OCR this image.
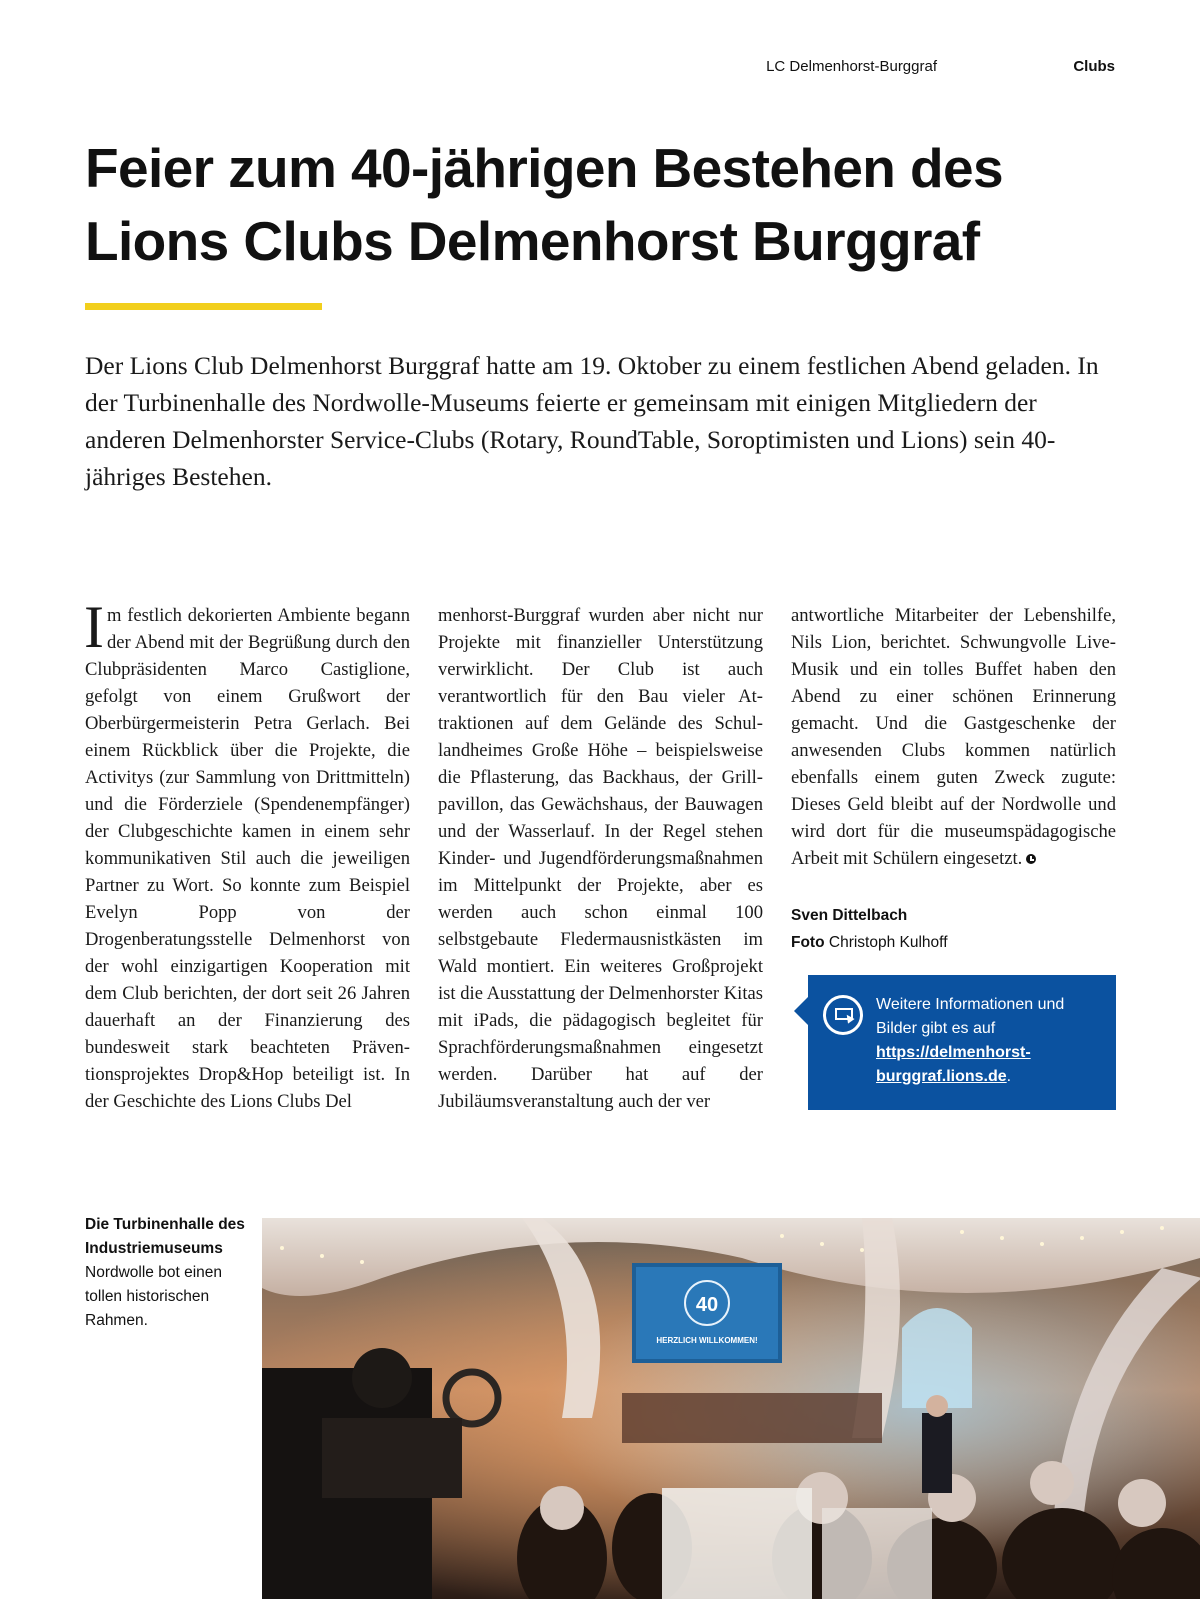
LC Delmenhorst-Burggraf	Clubs
Feier zum 40-jährigen Bestehen des Lions Clubs Delmenhorst Burggraf

Der Lions Club Delmenhorst Burggraf hatte am 19. Oktober zu einem festlichen Abend geladen. In der Turbinenhalle des Nordwolle-Museums feierte er gemeinsam mit einigen Mitgliedern der anderen Delmenhorster Service-Clubs (Rotary, RoundTable, Soroptimisten und Lions) sein 40-jähriges Bestehen.

Im festlich dekorierten Ambiente begann der Abend mit der Begrüßung durch den Clubpräsidenten Marco Castiglione, gefolgt von einem Grußwort der Oberbürgermeisterin Petra Gerlach. Bei einem Rückblick über die Projekte, die Activitys (zur Sammlung von Drittmitteln) und die Förderziele (Spendenempfänger) der Clubgeschichte kamen in einem sehr kommunikativen Stil auch die jeweiligen Partner zu Wort. So konnte zum Beispiel Evelyn Popp von der Drogenberatungsstelle Delmenhorst von der wohl einzigartigen Kooperation mit dem Club berichten, der dort seit 26 Jahren dauerhaft an der Finanzierung des bundesweit stark beachteten Präventionsprojektes Drop&Hop beteiligt ist. In der Geschichte des Lions Clubs Del
menhorst-Burggraf wurden aber nicht nur Projekte mit finanzieller Unterstützung verwirklicht. Der Club ist auch verantwortlich für den Bau vieler Attraktionen auf dem Gelände des Schullandheimes Große Höhe – beispielsweise die Pflasterung, das Backhaus, der Grillpavillon, das Gewächshaus, der Bauwagen und der Wasserlauf. In der Regel stehen Kinder- und Jugendförderungsmaßnahmen im Mittelpunkt der Projekte, aber es werden auch schon einmal 100 selbstgebaute Fledermausnistkästen im Wald montiert. Ein weiteres Großprojekt ist die Ausstattung der Delmenhorster Kitas mit iPads, die pädagogisch begleitet für Sprachförderungsmaßnahmen eingesetzt werden. Darüber hat auf der Jubiläumsveranstaltung auch der ver
antwortliche Mitarbeiter der Lebenshilfe, Nils Lion, berichtet. Schwungvolle Live-Musik und ein tolles Buffet haben den Abend zu einer schönen Erinnerung gemacht. Und die Gastgeschenke der anwesenden Clubs kommen natürlich ebenfalls einem guten Zweck zugute: Dieses Geld bleibt auf der Nordwolle und wird dort für die museumspädagogische Arbeit mit Schülern eingesetzt.
Sven Dittelbach
Foto Christoph Kulhoff
Weitere Informationen und Bilder gibt es auf https://delmenhorst-burggraf.lions.de.
Die Turbinenhalle des Industriemuseums Nordwolle bot einen tollen historischen Rahmen.
40
HERZLICH WILLKOMMEN!
